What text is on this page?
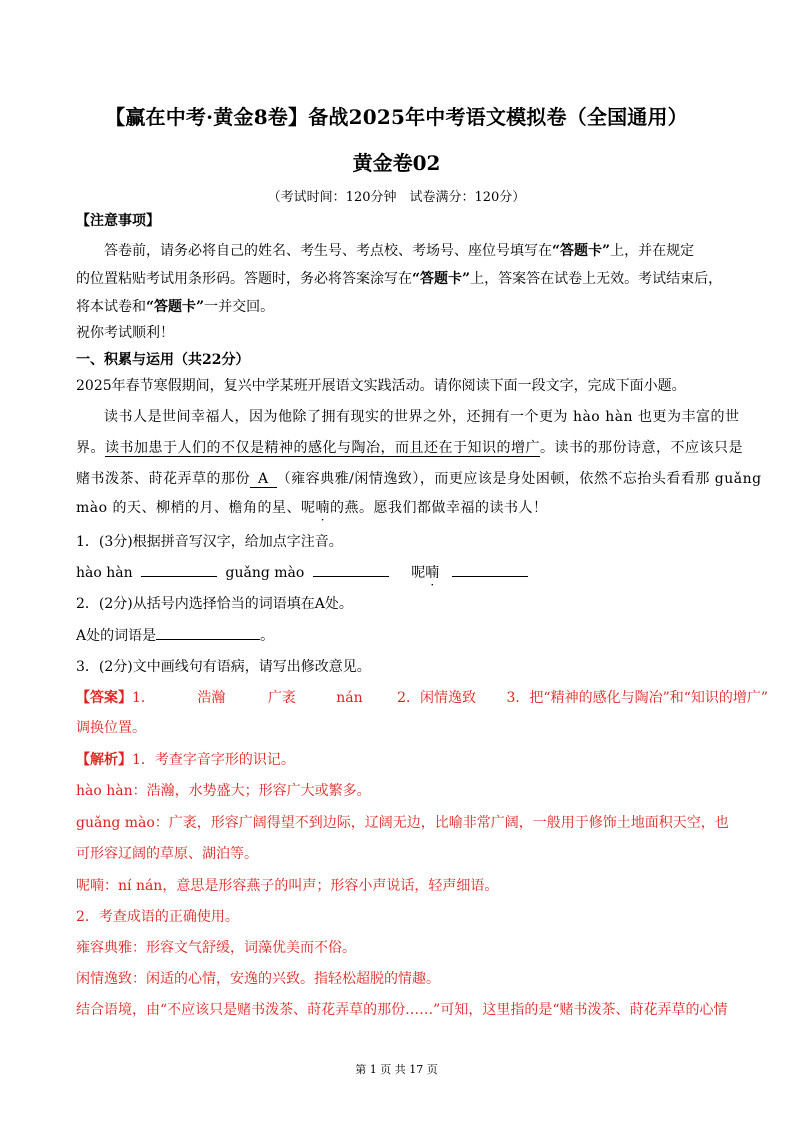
【赢在中考·黄金8卷】备战2025年中考语文模拟卷（全国通用）
黄金卷02
（考试时间：120分钟　试卷满分：120分）
【注意事项】
答卷前，请务必将自己的姓名、考生号、考点校、考场号、座位号填写在“答题卡”上，并在规定
的位置粘贴考试用条形码。答题时，务必将答案涂写在“答题卡”上，答案答在试卷上无效。考试结束后，
将本试卷和“答题卡”一并交回。
祝你考试顺利！
一、积累与运用（共22分）
2025年春节寒假期间，复兴中学某班开展语文实践活动。请你阅读下面一段文字，完成下面小题。
读书人是世间幸福人，因为他除了拥有现实的世界之外，还拥有一个更为 hào hàn 也更为丰富的世
界。读书加患于人们的不仅是精神的感化与陶冶，而且还在于知识的增广。读书的那份诗意，不应该只是
赌书泼茶、莳花弄草的那份 A （雍容典雅/闲情逸致），而更应该是身处困顿，依然不忘抬头看看那 guǎng
mào 的天、柳梢的月、檐角的星、呢喃的燕。愿我们都做幸福的读书人！
1．(3分)根据拼音写汉字，给加点字注音。
hào hàn	guǎng mào	呢喃
2．(2分)从括号内选择恰当的词语填在A处。
A处的词语是	。
3．(2分)文中画线句有语病，请写出修改意见。
【答案】1．	浩瀚	广袤	nán 2．闲情逸致 3．把“精神的感化与陶冶”和“知识的增广”
调换位置。
【解析】1．考查字音字形的识记。
hào hàn：浩瀚，水势盛大；形容广大或繁多。
guǎng mào：广袤，形容广阔得望不到边际，辽阔无边，比喻非常广阔，一般用于修饰土地面积天空，也
可形容辽阔的草原、湖泊等。
呢喃：ní nán，意思是形容燕子的叫声；形容小声说话，轻声细语。
2．考查成语的正确使用。
雍容典雅：形容文气舒缓，词藻优美而不俗。
闲情逸致：闲适的心情，安逸的兴致。指轻松超脱的情趣。
结合语境，由“不应该只是赌书泼茶、莳花弄草的那份……”可知，这里指的是“赌书泼茶、莳花弄草的心情
第 1 页 共 17 页
